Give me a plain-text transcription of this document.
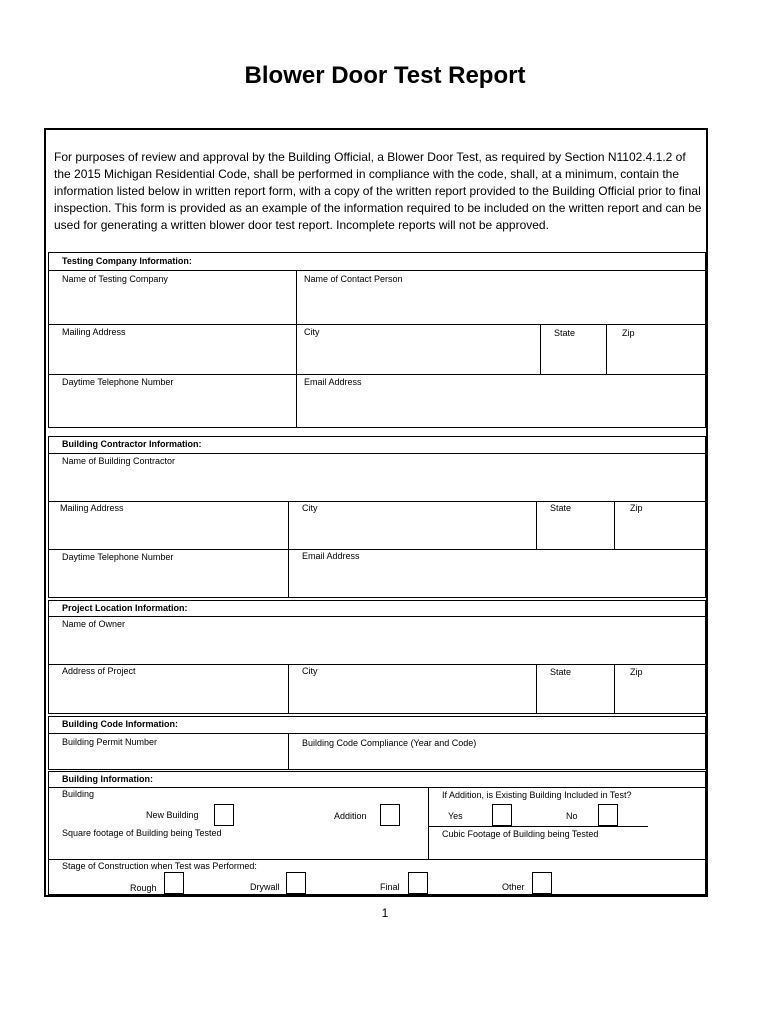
Blower Door Test Report
For purposes of review and approval by the Building Official, a Blower Door Test, as required by Section N1102.4.1.2 of the 2015 Michigan Residential Code, shall be performed in compliance with the code, shall, at a minimum, contain the information listed below in written report form, with a copy of the written report provided to the Building Official prior to final inspection. This form is provided as an example of the information required to be included on the written report and can be used for generating a written blower door test report. Incomplete reports will not be approved.
Testing Company Information:
Name of Testing Company	Name of Contact Person
Mailing Address	City	State	Zip
Daytime Telephone Number	Email Address
Building Contractor Information:
Name of Building Contractor
Mailing Address	City	State	Zip
Daytime Telephone Number	Email Address
Project Location Information:
Name of Owner
Address of Project	City	State	Zip
Building Code Information:
Building Permit Number	Building Code Compliance (Year and Code)
Building Information:
Building	If Addition, is Existing Building Included in Test?
New Building	Addition	Yes	No
Square footage of Building being Tested	Cubic Footage of Building being Tested
Stage of Construction when Test was Performed:
Rough	Drywall	Final	Other
1
